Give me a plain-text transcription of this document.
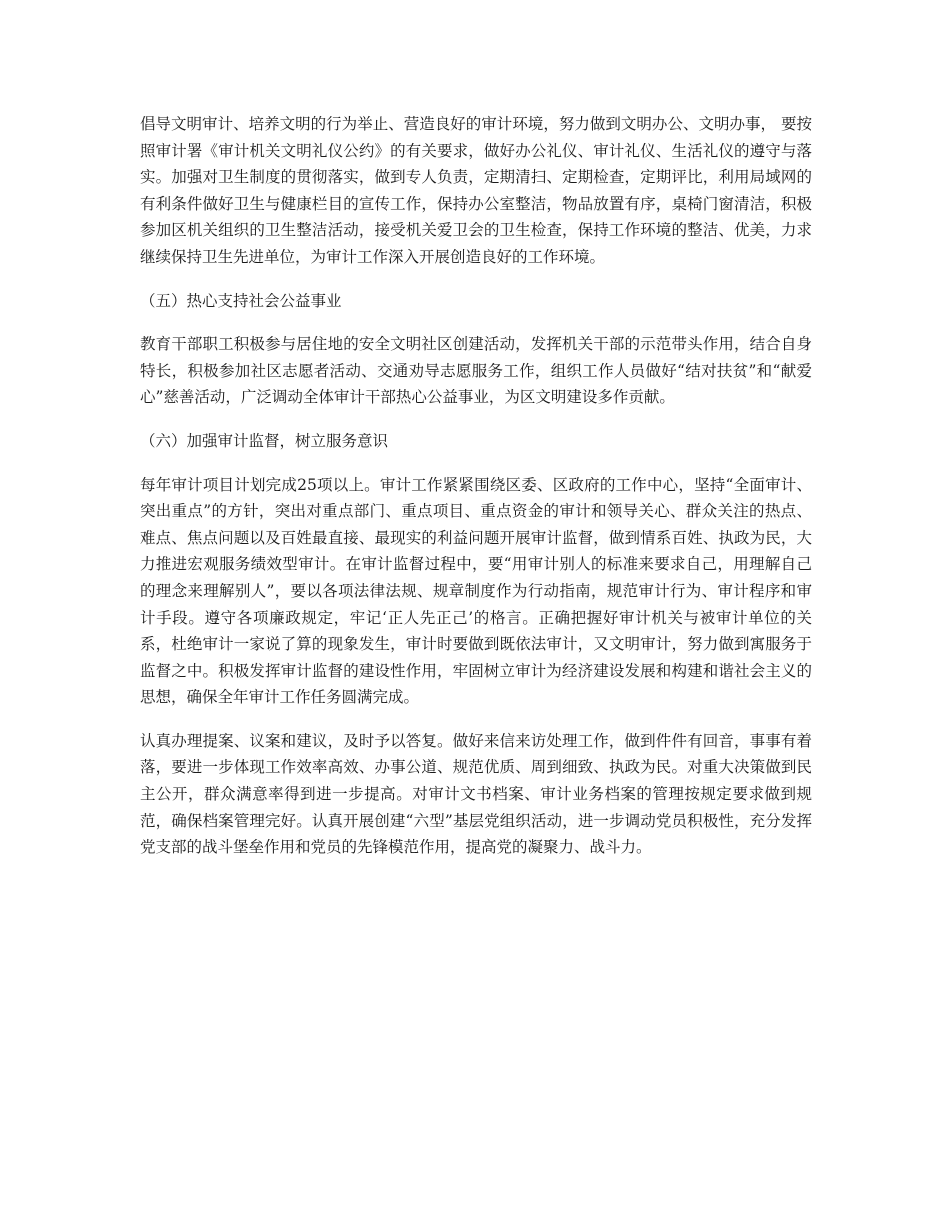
倡导文明审计、培养文明的行为举止、营造良好的审计环境，努力做到文明办公、文明办事， 要按照审计署《审计机关文明礼仪公约》的有关要求，做好办公礼仪、审计礼仪、生活礼仪的遵守与落实。加强对卫生制度的贯彻落实，做到专人负责，定期清扫、定期检查，定期评比，利用局域网的有利条件做好卫生与健康栏目的宣传工作，保持办公室整洁，物品放置有序，桌椅门窗清洁，积极参加区机关组织的卫生整洁活动，接受机关爱卫会的卫生检查，保持工作环境的整洁、优美，力求继续保持卫生先进单位，为审计工作深入开展创造良好的工作环境。

（五）热心支持社会公益事业

教育干部职工积极参与居住地的安全文明社区创建活动，发挥机关干部的示范带头作用，结合自身特长，积极参加社区志愿者活动、交通劝导志愿服务工作，组织工作人员做好“结对扶贫”和“献爱心”慈善活动，广泛调动全体审计干部热心公益事业，为区文明建设多作贡献。

（六）加强审计监督，树立服务意识

每年审计项目计划完成25项以上。审计工作紧紧围绕区委、区政府的工作中心，坚持“全面审计、突出重点”的方针，突出对重点部门、重点项目、重点资金的审计和领导关心、群众关注的热点、难点、焦点问题以及百姓最直接、最现实的利益问题开展审计监督，做到情系百姓、执政为民，大力推进宏观服务绩效型审计。在审计监督过程中，要“用审计别人的标准来要求自己，用理解自己的理念来理解别人”，要以各项法律法规、规章制度作为行动指南，规范审计行为、审计程序和审计手段。遵守各项廉政规定，牢记‘正人先正己’的格言。正确把握好审计机关与被审计单位的关系，杜绝审计一家说了算的现象发生，审计时要做到既依法审计，又文明审计，努力做到寓服务于监督之中。积极发挥审计监督的建设性作用，牢固树立审计为经济建设发展和构建和谐社会主义的思想，确保全年审计工作任务圆满完成。

认真办理提案、议案和建议，及时予以答复。做好来信来访处理工作，做到件件有回音，事事有着落，要进一步体现工作效率高效、办事公道、规范优质、周到细致、执政为民。对重大决策做到民主公开，群众满意率得到进一步提高。对审计文书档案、审计业务档案的管理按规定要求做到规范，确保档案管理完好。认真开展创建“六型”基层党组织活动，进一步调动党员积极性，充分发挥党支部的战斗堡垒作用和党员的先锋模范作用，提高党的凝聚力、战斗力。
